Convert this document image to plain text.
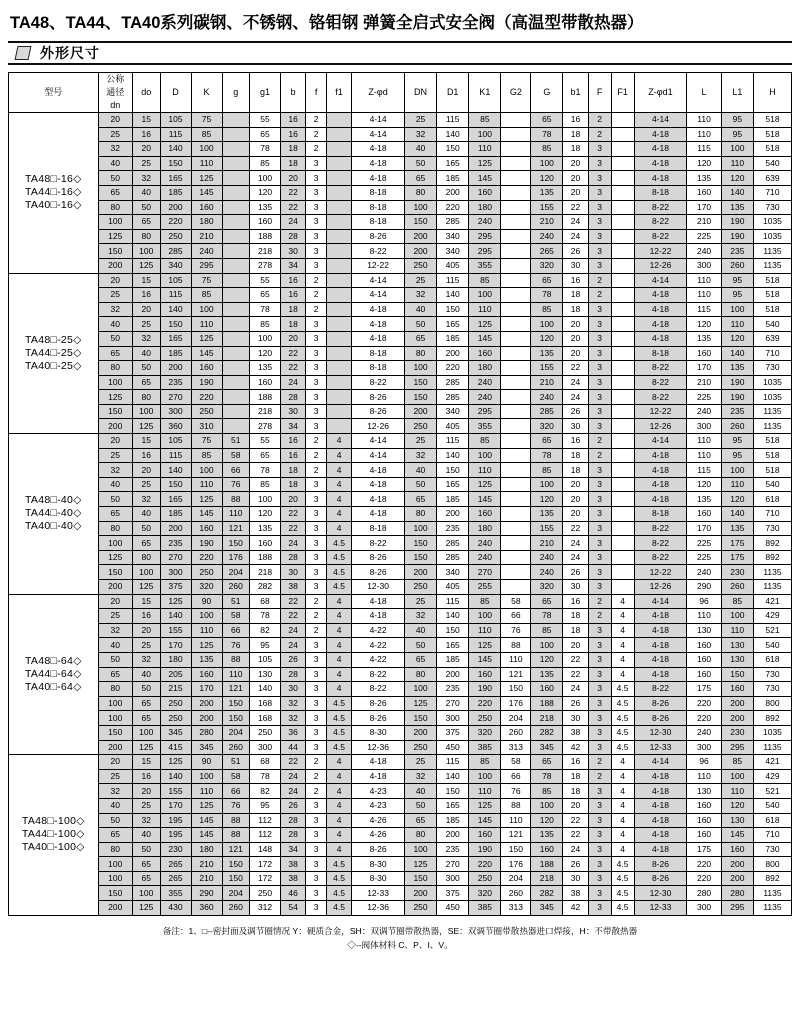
TA48、TA44、TA40系列碳钢、不锈钢、铬钼钢 弹簧全启式安全阀（高温型带散热器）
外形尺寸
型号	公称
通径
dn	do	D	K	g	g1	b	f	f1	Z-φd	DN	D1	K1	G2	G	b1	F	F1	Z-φd1	L	L1	H

TA48□-16◇
TA44□-16◇
TA40□-16◇	20	15	105	75		55	16	2		4-14	25	115	85		65	16	2		4-14	110	95	518
	25	16	115	85		65	16	2		4-14	32	140	100		78	18	2		4-18	110	95	518
	32	20	140	100		78	18	2		4-18	40	150	110		85	18	3		4-18	115	100	518
	40	25	150	110		85	18	3		4-18	50	165	125		100	20	3		4-18	120	110	540
	50	32	165	125		100	20	3		4-18	65	185	145		120	20	3		4-18	135	120	639
	65	40	185	145		120	22	3		8-18	80	200	160		135	20	3		8-18	160	140	710
	80	50	200	160		135	22	3		8-18	100	220	180		155	22	3		8-22	170	135	730
	100	65	220	180		160	24	3		8-18	150	285	240		210	24	3		8-22	210	190	1035
	125	80	250	210		188	28	3		8-26	200	340	295		240	24	3		8-22	225	190	1035
	150	100	285	240		218	30	3		8-22	200	340	295		265	26	3		12-22	240	235	1135
	200	125	340	295		278	34	3		12-22	250	405	355		320	30	3		12-26	300	260	1135

TA48□-25◇
TA44□-25◇
TA40□-25◇	20	15	105	75		55	16	2		4-14	25	115	85		65	16	2		4-14	110	95	518
	25	16	115	85		65	16	2		4-14	32	140	100		78	18	2		4-18	110	95	518
	32	20	140	100		78	18	2		4-18	40	150	110		85	18	3		4-18	115	100	518
	40	25	150	110		85	18	3		4-18	50	165	125		100	20	3		4-18	120	110	540
	50	32	165	125		100	20	3		4-18	65	185	145		120	20	3		4-18	135	120	639
	65	40	185	145		120	22	3		8-18	80	200	160		135	20	3		8-18	160	140	710
	80	50	200	160		135	22	3		8-18	100	220	180		155	22	3		8-22	170	135	730
	100	65	235	190		160	24	3		8-22	150	285	240		210	24	3		8-22	210	190	1035
	125	80	270	220		188	28	3		8-26	150	285	240		240	24	3		8-22	225	190	1035
	150	100	300	250		218	30	3		8-26	200	340	295		285	26	3		12-22	240	235	1135
	200	125	360	310		278	34	3		12-26	250	405	355		320	30	3		12-26	300	260	1135

TA48□-40◇
TA44□-40◇
TA40□-40◇	20	15	105	75	51	55	16	2	4	4-14	25	115	85		65	16	2		4-14	110	95	518
	25	16	115	85	58	65	16	2	4	4-14	32	140	100		78	18	2		4-18	110	95	518
	32	20	140	100	66	78	18	2	4	4-18	40	150	110		85	18	3		4-18	115	100	518
	40	25	150	110	76	85	18	3	4	4-18	50	165	125		100	20	3		4-18	120	110	540
	50	32	165	125	88	100	20	3	4	4-18	65	185	145		120	20	3		4-18	135	120	618
	65	40	185	145	110	120	22	3	4	4-18	80	200	160		135	20	3		8-18	160	140	710
	80	50	200	160	121	135	22	3	4	8-18	100	235	180		155	22	3		8-22	170	135	730
	100	65	235	190	150	160	24	3	4.5	8-22	150	285	240		210	24	3		8-22	225	175	892
	125	80	270	220	176	188	28	3	4.5	8-26	150	285	240		240	24	3		8-22	225	175	892
	150	100	300	250	204	218	30	3	4.5	8-26	200	340	270		240	26	3		12-22	240	230	1135
	200	125	375	320	260	282	38	3	4.5	12-30	250	405	255		320	30	3		12-26	290	260	1135

TA48□-64◇
TA44□-64◇
TA40□-64◇	20	15	125	90	51	68	22	2	4	4-18	25	115	85	58	65	16	2	4	4-14	96	85	421
	25	16	140	100	58	78	22	2	4	4-18	32	140	100	66	78	18	2	4	4-18	110	100	429
	32	20	155	110	66	82	24	2	4	4-22	40	150	110	76	85	18	3	4	4-18	130	110	521
	40	25	170	125	76	95	24	3	4	4-22	50	165	125	88	100	20	3	4	4-18	160	130	540
	50	32	180	135	88	105	26	3	4	4-22	65	185	145	110	120	22	3	4	4-18	160	130	618
	65	40	205	160	110	130	28	3	4	8-22	80	200	160	121	135	22	3	4	4-18	160	150	730
	80	50	215	170	121	140	30	3	4	8-22	100	235	190	150	160	24	3	4.5	8-22	175	160	730
	100	65	250	200	150	168	32	3	4.5	8-26	125	270	220	176	188	26	3	4.5	8-26	220	200	800
	100	65	250	200	150	168	32	3	4.5	8-26	150	300	250	204	218	30	3	4.5	8-26	220	200	892
	150	100	345	280	204	250	36	3	4.5	8-30	200	375	320	260	282	38	3	4.5	12-30	240	230	1035
	200	125	415	345	260	300	44	3	4.5	12-36	250	450	385	313	345	42	3	4.5	12-33	300	295	1135

TA48□-100◇
TA44□-100◇
TA40□-100◇	20	15	125	90	51	68	22	2	4	4-18	25	115	85	58	65	16	2	4	4-14	96	85	421
	25	16	140	100	58	78	24	2	4	4-18	32	140	100	66	78	18	2	4	4-18	110	100	429
	32	20	155	110	66	82	24	2	4	4-23	40	150	110	76	85	18	3	4	4-18	130	110	521
	40	25	170	125	76	95	26	3	4	4-23	50	165	125	88	100	20	3	4	4-18	160	120	540
	50	32	195	145	88	112	28	3	4	4-26	65	185	145	110	120	22	3	4	4-18	160	130	618
	65	40	195	145	88	112	28	3	4	4-26	80	200	160	121	135	22	3	4	4-18	160	145	710
	80	50	230	180	121	148	34	3	4	8-26	100	235	190	150	160	24	3	4	4-18	175	160	730
	100	65	265	210	150	172	38	3	4.5	8-30	125	270	220	176	188	26	3	4.5	8-26	220	200	800
	100	65	265	210	150	172	38	3	4.5	8-30	150	300	250	204	218	30	3	4.5	8-26	220	200	892
	150	100	355	290	204	250	46	3	4.5	12-33	200	375	320	260	282	38	3	4.5	12-30	280	280	1135
	200	125	430	360	260	312	54	3	4.5	12-36	250	450	385	313	345	42	3	4.5	12-33	300	295	1135
备注：1、□--密封面及调节圈情况 Y：硬质合金，SH：双调节圈带散热器，SE：双调节圈带散热器进口焊接，H：不带散热器
◇--阀体材料 C、P、I、V。
